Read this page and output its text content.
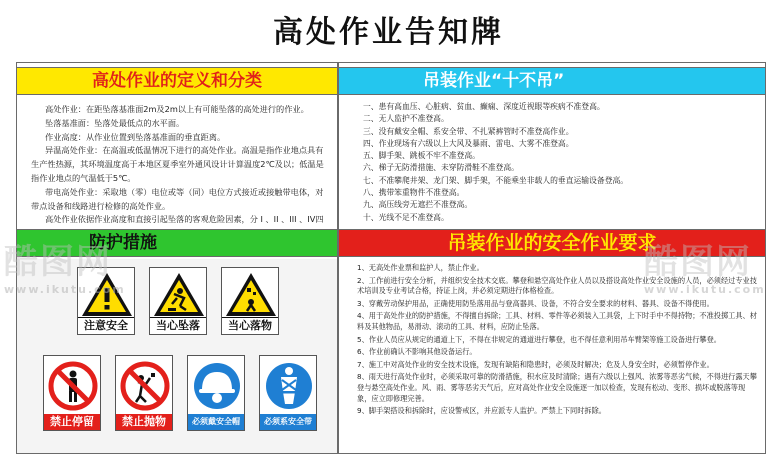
高处作业告知牌
高处作业的定义和分类

高处作业：在距坠落基准面2m及2m以上有可能坠落的高处进行的作业。

坠落基准面：坠落处最低点的水平面。

作业高度：从作业位置到坠落基准面的垂直距离。

异温高处作业：在高温或低温情况下进行的高处作业。高温是指作业地点具有生产性热源，其环境温度高于本地区夏季室外通风设计计算温度2℃及以；低温是指作业地点的气温低于5℃。

带电高处作业：采取地（零）电位或等（同）电位方式接近或接触带电体，对带点设备和线路进行检修的高处作业。

高处作业依据作业高度和直接引起坠落的客观危险因素，分 I 、II 、III 、IV四

防护措施
注意安全	当心坠落	当心落物
禁止停留	禁止抛物	必须戴安全帽	必须系安全带
吊装作业“十不吊”

一、患有高血压、心脏病、贫血、癫痫、深度近视眼等疾病不准登高。

二、无人监护不准登高。

三、没有戴安全帽、系安全带、不扎紧裤管时不准登高作业。

四、作业现场有六级以上大风及暴雨、雷电、大雾不准登高。

五、脚手架、跳板不牢不准登高。

六、梯子无防滑措施、未穿防滑鞋不准登高。

七、不准攀爬井架、龙门架、脚手架，不能乘坐非载人的垂直运输设备登高。

八、携带笨重物件不准登高。

九、高压线旁无遮拦不准登高。

十、光线不足不准登高。

吊装作业的安全作业要求

1、无高处作业票和监护人，禁止作业。

2、工作前进行安全分析，并组织安全技术交底。攀登和悬空高处作业人员以及搭设高处作业安全设施的人员，必须经过专业技术培训及专业考试合格，持证上岗，并必须定期进行体格检查。

3、穿戴劳动保护用品，正确使用防坠落用品与登高器具、设备，不符合安全要求的材料、器具、设备不得使用。

4、用于高处作业的防护措施，不得擅自拆除；工具、材料、零件等必须装入工具袋，上下时手中不得持物；不准投掷工具、材料及其他物品，易滑动、滚动的工具、材料，应防止坠落。

5、作业人员应从规定的通道上下，不得在非规定的通道进行攀登，也不得任意利用吊车臂架等施工设备进行攀登。

6、作业前确认不影响其他设备运行。

7、施工中对高处作业的安全技术设施，发现有缺陷和隐患时，必须及时解决；危及人身安全时，必须暂停作业。

8、雨天进行高处作业时，必须采取可靠的防滑措施，积水应及时清除；遇有六级以上强风、浓雾等恶劣气候，不得进行露天攀登与悬空高处作业。风、雨、雾等恶劣天气后，应对高处作业安全设施逐一加以检查，发现有松动、变形、损坏或脱落等现象，应立即修理完善。

9、脚手架搭设和拆除时，应设警戒区，并应派专人监护。严禁上下同时拆除。

酷图网
www.ikutu.com
酷图网
www.ikutu.com
